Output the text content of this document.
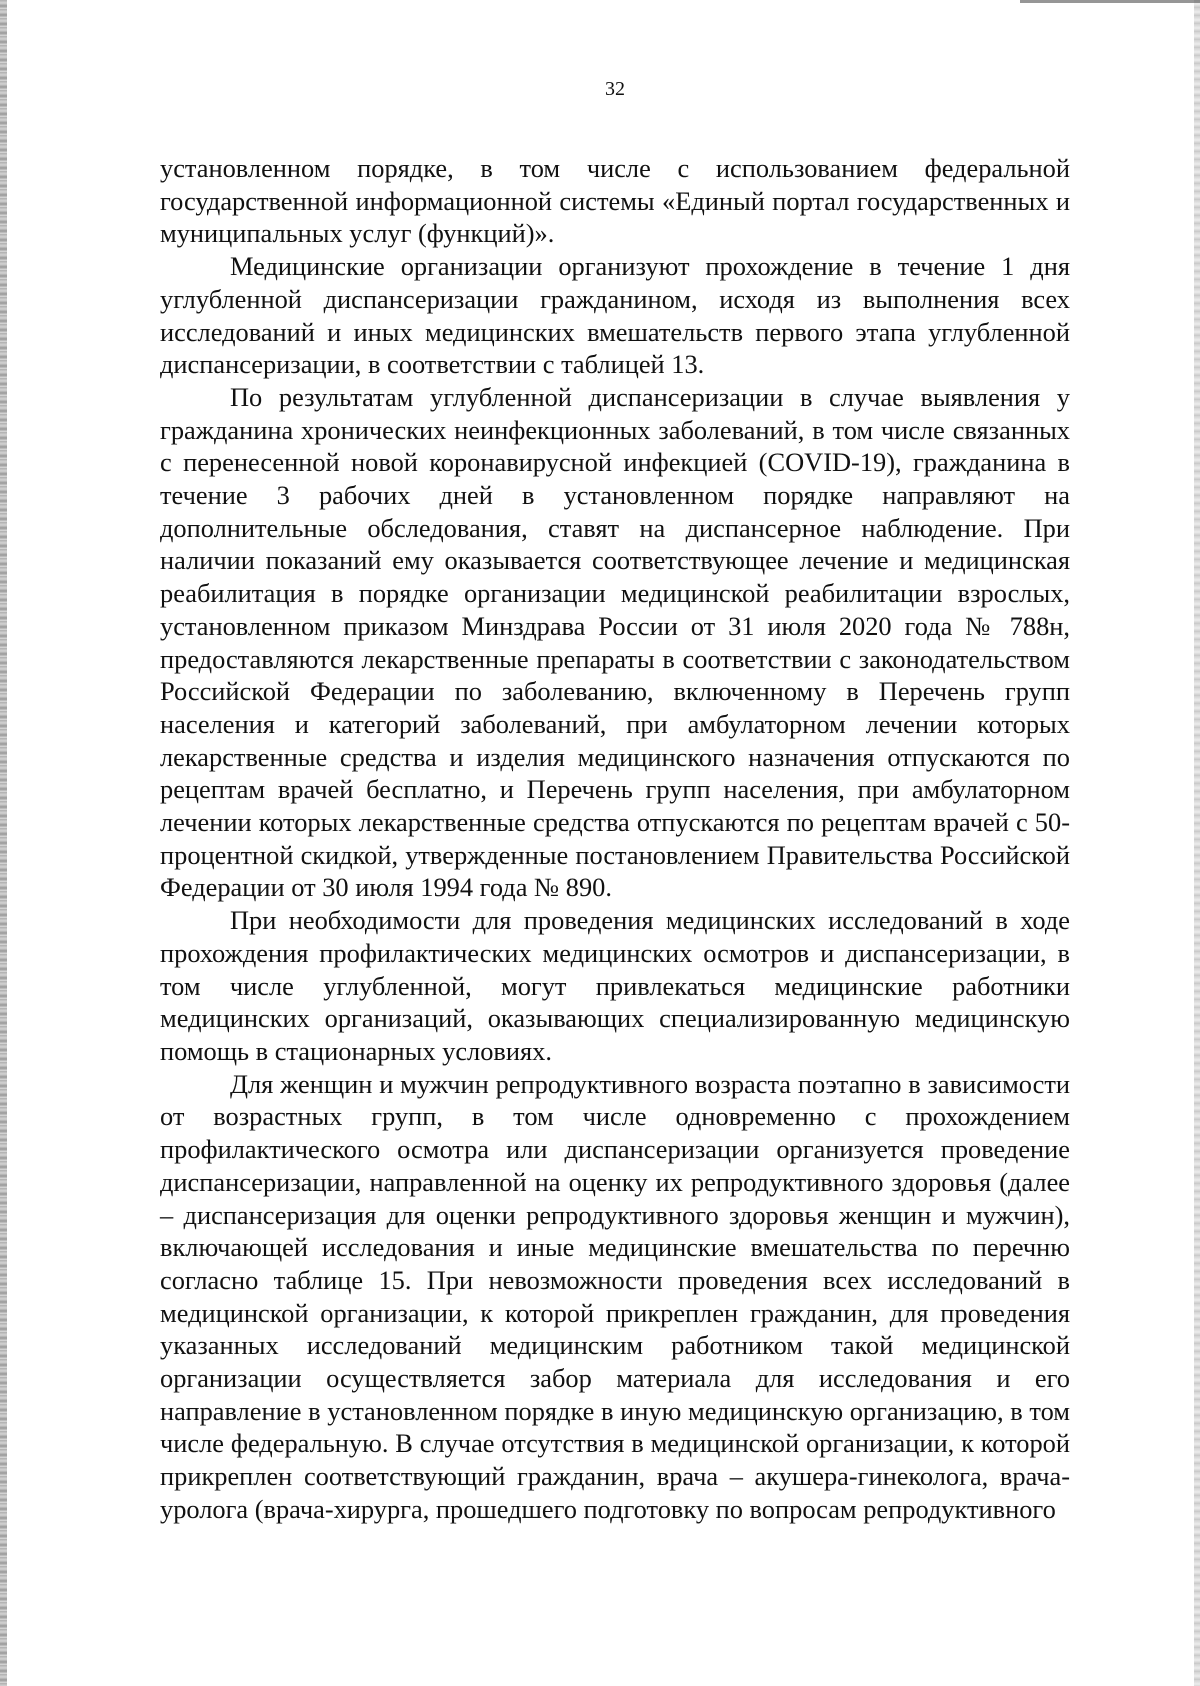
32

установленном порядке, в том числе с использованием федеральной государственной информационной системы «Единый портал государственных и муниципальных услуг (функций)».

Медицинские организации организуют прохождение в течение 1 дня углубленной диспансеризации гражданином, исходя из выполнения всех исследований и иных медицинских вмешательств первого этапа углубленной диспансеризации, в соответствии с таблицей 13.

По результатам углубленной диспансеризации в случае выявления у гражданина хронических неинфекционных заболеваний, в том числе связанных с перенесенной новой коронавирусной инфекцией (COVID-19), гражданина в течение 3 рабочих дней в установленном порядке направляют на дополнительные обследования, ставят на диспансерное наблюдение. При наличии показаний ему оказывается соответствующее лечение и медицинская реабилитация в порядке организации медицинской реабилитации взрослых, установленном приказом Минздрава России от 31 июля 2020 года № 788н, предоставляются лекарственные препараты в соответствии с законодательством Российской Федерации по заболеванию, включенному в Перечень групп населения и категорий заболеваний, при амбулаторном лечении которых лекарственные средства и изделия медицинского назначения отпускаются по рецептам врачей бесплатно, и Перечень групп населения, при амбулаторном лечении которых лекарственные средства отпускаются по рецептам врачей с 50-процентной скидкой, утвержденные постановлением Правительства Российской Федерации от 30 июля 1994 года № 890.

При необходимости для проведения медицинских исследований в ходе прохождения профилактических медицинских осмотров и диспансеризации, в том числе углубленной, могут привлекаться медицинские работники медицинских организаций, оказывающих специализированную медицинскую помощь в стационарных условиях.

Для женщин и мужчин репродуктивного возраста поэтапно в зависимости от возрастных групп, в том числе одновременно с прохождением профилактического осмотра или диспансеризации организуется проведение диспансеризации, направленной на оценку их репродуктивного здоровья (далее – диспансеризация для оценки репродуктивного здоровья женщин и мужчин), включающей исследования и иные медицинские вмешательства по перечню согласно таблице 15. При невозможности проведения всех исследований в медицинской организации, к которой прикреплен гражданин, для проведения указанных исследований медицинским работником такой медицинской организации осуществляется забор материала для исследования и его направление в установленном порядке в иную медицинскую организацию, в том числе федеральную. В случае отсутствия в медицинской организации, к которой прикреплен соответствующий гражданин, врача – акушера-гинеколога, врача-уролога (врача-хирурга, прошедшего подготовку по вопросам репродуктивного
